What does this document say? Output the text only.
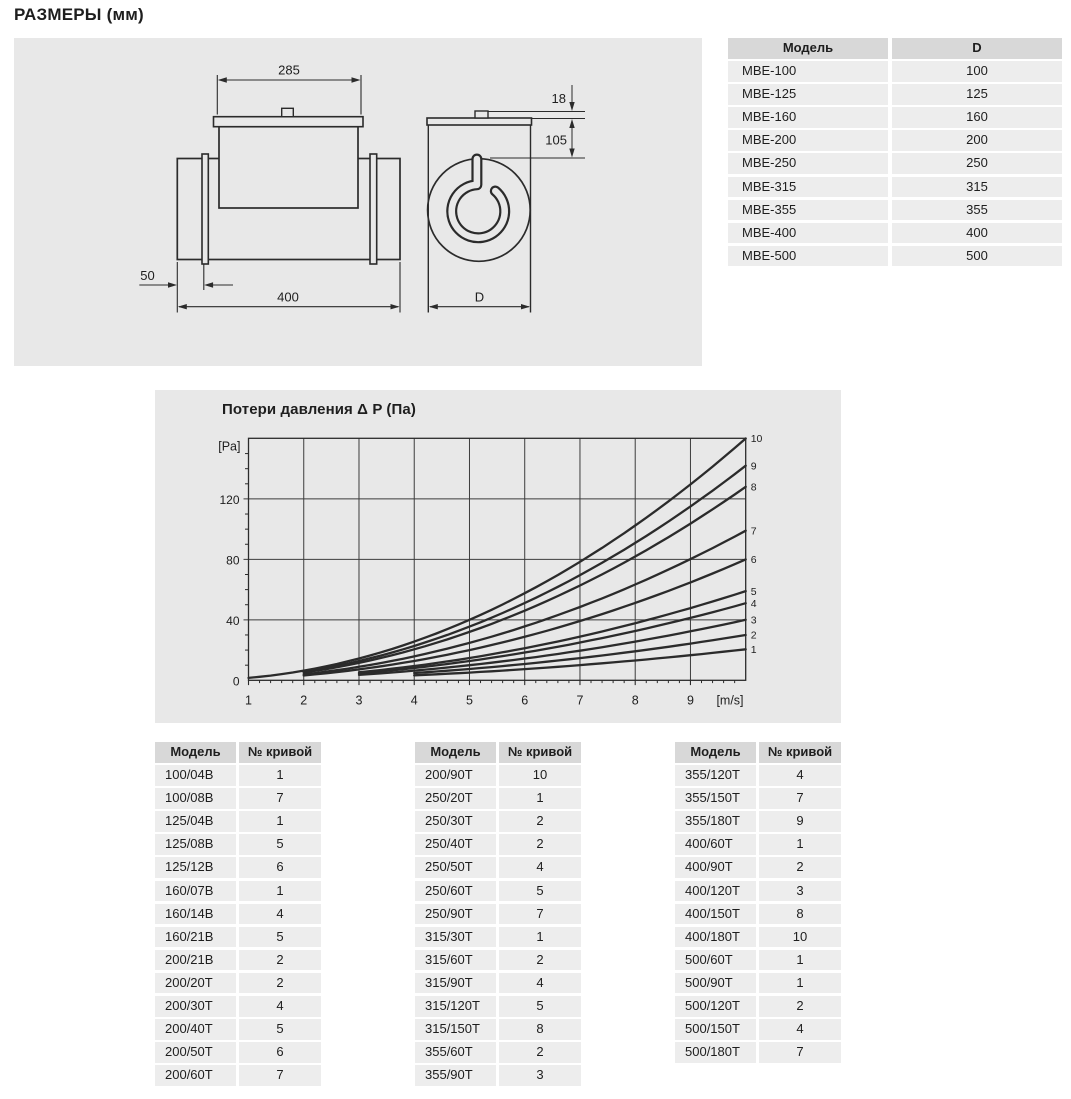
РАЗМЕРЫ (мм)
285
50
400
18
105
D
Модель	D
MBE-100	100
MBE-125	125
MBE-160	160
MBE-200	200
MBE-250	250
MBE-315	315
MBE-355	355
MBE-400	400
MBE-500	500
Потери давления Δ P (Па)
0
40
80
120
[Pa]
1	2	3	4	5	6	7	8	9 [m/s]
1
2
3
4
5
6
7
8
9
10
Модель	№ кривой
100/04В	1
100/08В	7
125/04В	1
125/08В	5
125/12В	6
160/07В	1
160/14В	4
160/21В	5
200/21В	2
200/20Т	2
200/30Т	4
200/40Т	5
200/50Т	6
200/60Т	7
Модель	№ кривой
200/90Т	10
250/20Т	1
250/30Т	2
250/40Т	2
250/50Т	4
250/60Т	5
250/90Т	7
315/30Т	1
315/60Т	2
315/90Т	4
315/120Т	5
315/150Т	8
355/60Т	2
355/90Т	3
Модель	№ кривой
355/120Т	4
355/150Т	7
355/180Т	9
400/60Т	1
400/90Т	2
400/120Т	3
400/150Т	8
400/180Т	10
500/60Т	1
500/90Т	1
500/120Т	2
500/150Т	4
500/180Т	7
